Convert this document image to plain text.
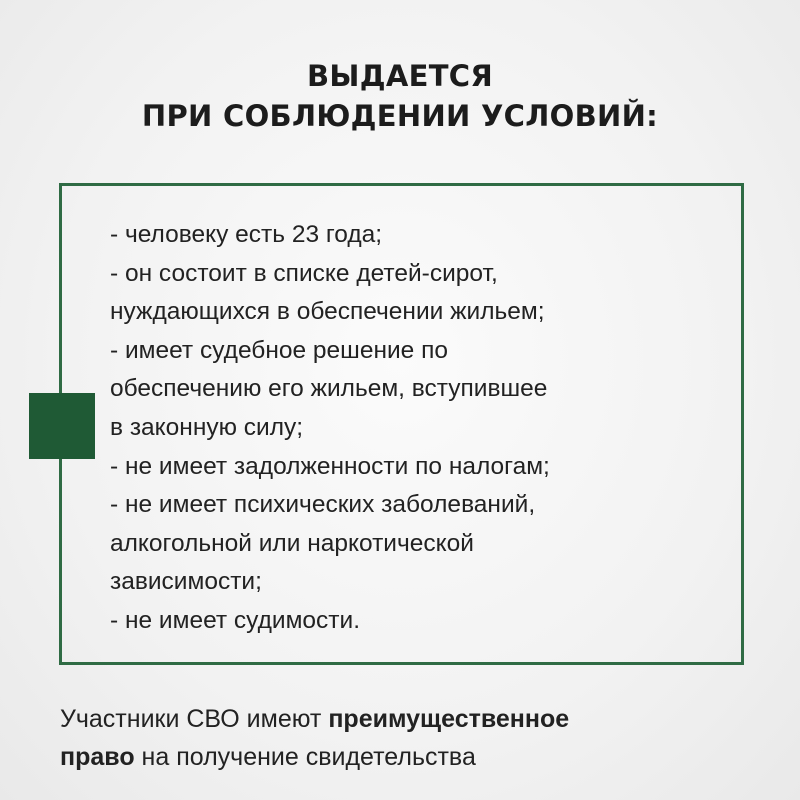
ВЫДАЕТСЯ
ПРИ СОБЛЮДЕНИИ УСЛОВИЙ:
- человеку есть 23 года;
- он состоит в списке детей-сирот,
нуждающихся в обеспечении жильем;
- имеет судебное решение по
обеспечению его жильем, вступившее
в законную силу;
- не имеет задолженности по налогам;
- не имеет психических заболеваний,
алкогольной или наркотической
зависимости;
- не имеет судимости.
Участники СВО имеют преимущественное
право на получение свидетельства
